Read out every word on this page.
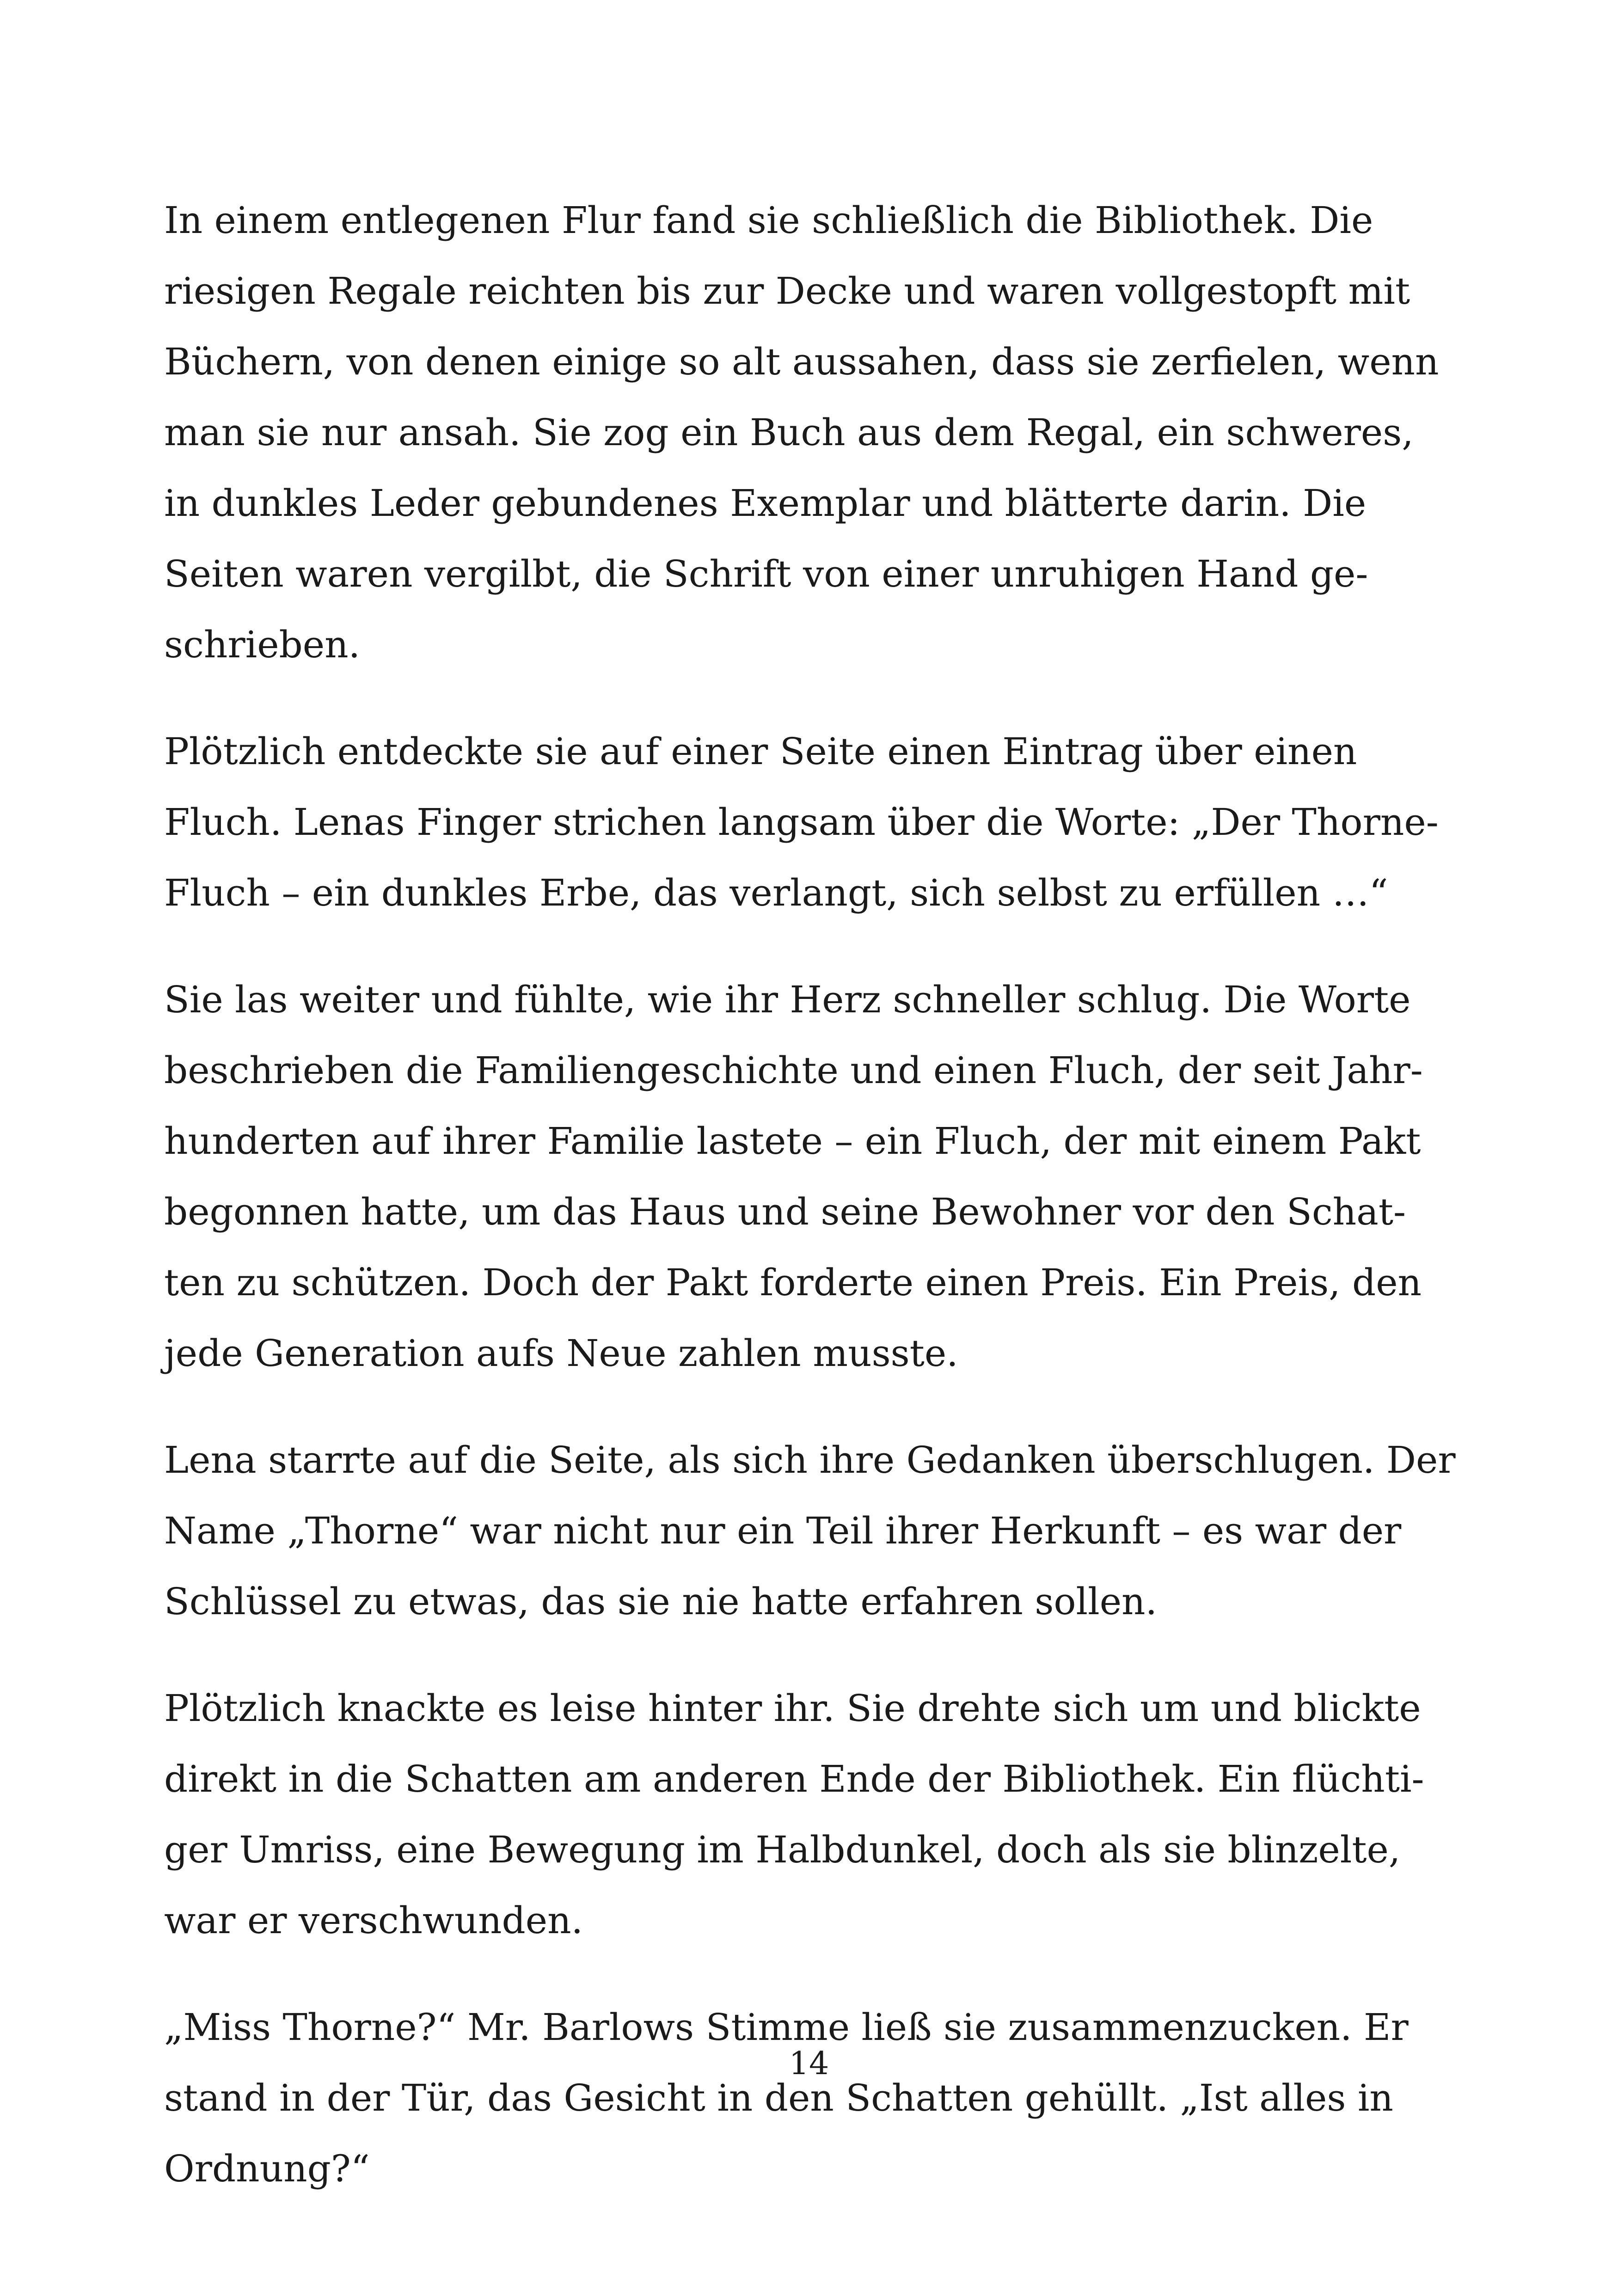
In einem entlegenen Flur fand sie schließlich die Bibliothek. Die
riesigen Regale reichten bis zur Decke und waren vollgestopft mit
Büchern, von denen einige so alt aussahen, dass sie zerfielen, wenn
man sie nur ansah. Sie zog ein Buch aus dem Regal, ein schweres,
in dunkles Leder gebundenes Exemplar und blätterte darin. Die
Seiten waren vergilbt, die Schrift von einer unruhigen Hand ge-
schrieben.
Plötzlich entdeckte sie auf einer Seite einen Eintrag über einen
Fluch. Lenas Finger strichen langsam über die Worte: „Der Thorne-
Fluch – ein dunkles Erbe, das verlangt, sich selbst zu erfüllen …“
Sie las weiter und fühlte, wie ihr Herz schneller schlug. Die Worte
beschrieben die Familiengeschichte und einen Fluch, der seit Jahr-
hunderten auf ihrer Familie lastete – ein Fluch, der mit einem Pakt
begonnen hatte, um das Haus und seine Bewohner vor den Schat-
ten zu schützen. Doch der Pakt forderte einen Preis. Ein Preis, den
jede Generation aufs Neue zahlen musste.
Lena starrte auf die Seite, als sich ihre Gedanken überschlugen. Der
Name „Thorne“ war nicht nur ein Teil ihrer Herkunft – es war der
Schlüssel zu etwas, das sie nie hatte erfahren sollen.
Plötzlich knackte es leise hinter ihr. Sie drehte sich um und blickte
direkt in die Schatten am anderen Ende der Bibliothek. Ein flüchti-
ger Umriss, eine Bewegung im Halbdunkel, doch als sie blinzelte,
war er verschwunden.
„Miss Thorne?“ Mr. Barlows Stimme ließ sie zusammenzucken. Er
stand in der Tür, das Gesicht in den Schatten gehüllt. „Ist alles in
Ordnung?“
14
